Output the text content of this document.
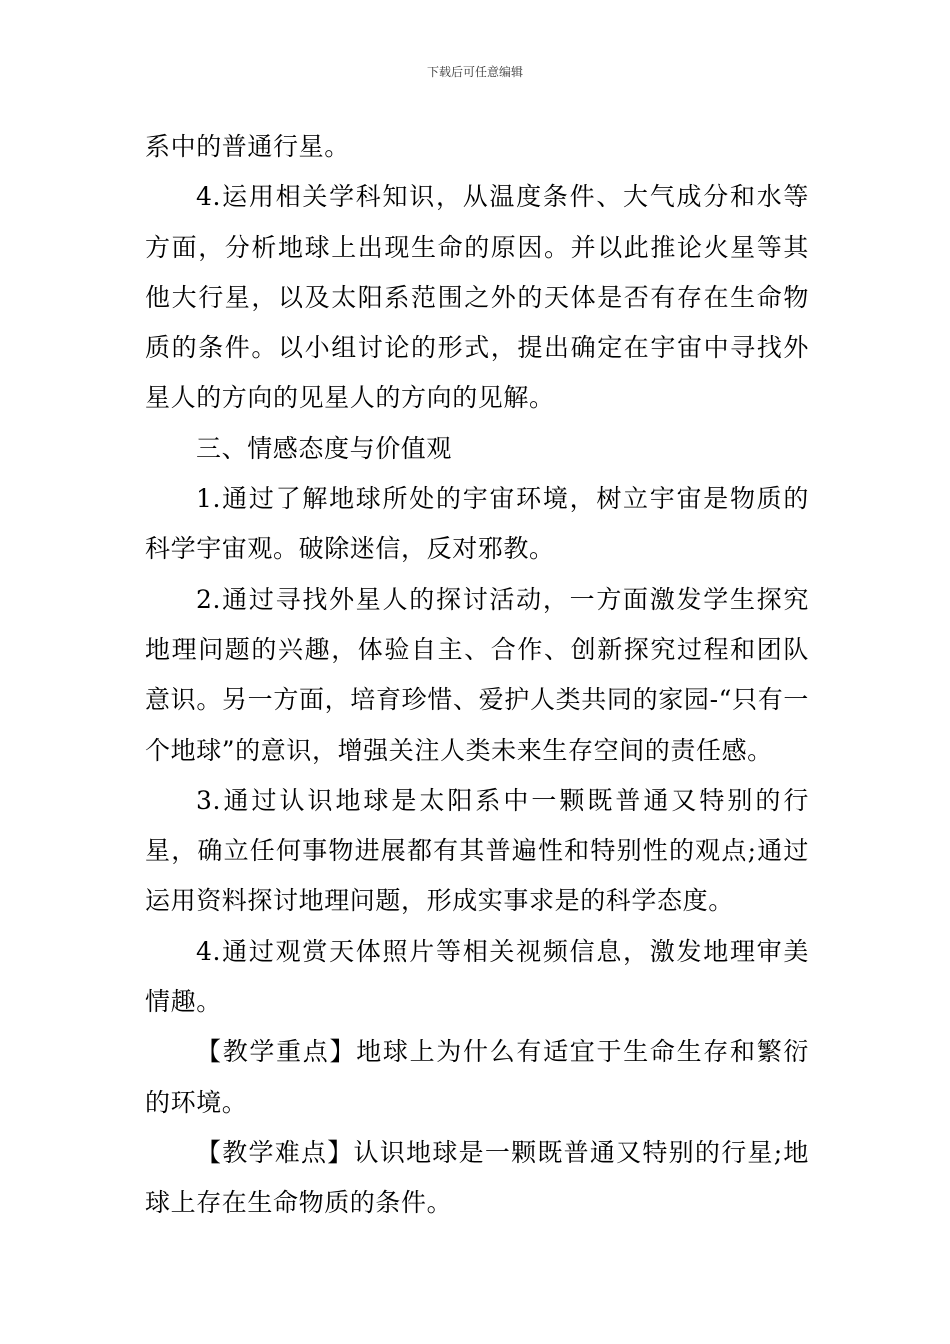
下载后可任意编辑

系中的普通行星。

4.运用相关学科知识，从温度条件、大气成分和水等方面，分析地球上出现生命的原因。并以此推论火星等其他大行星，以及太阳系范围之外的天体是否有存在生命物质的条件。以小组讨论的形式，提出确定在宇宙中寻找外星人的方向的见星人的方向的见解。

三、情感态度与价值观

1.通过了解地球所处的宇宙环境，树立宇宙是物质的科学宇宙观。破除迷信，反对邪教。

2.通过寻找外星人的探讨活动，一方面激发学生探究地理问题的兴趣，体验自主、合作、创新探究过程和团队意识。另一方面，培育珍惜、爱护人类共同的家园-“只有一个地球”的意识，增强关注人类未来生存空间的责任感。

3.通过认识地球是太阳系中一颗既普通又特别的行星，确立任何事物进展都有其普遍性和特别性的观点;通过运用资料探讨地理问题，形成实事求是的科学态度。

4.通过观赏天体照片等相关视频信息，激发地理审美情趣。

【教学重点】地球上为什么有适宜于生命生存和繁衍的环境。

【教学难点】认识地球是一颗既普通又特别的行星;地球上存在生命物质的条件。
